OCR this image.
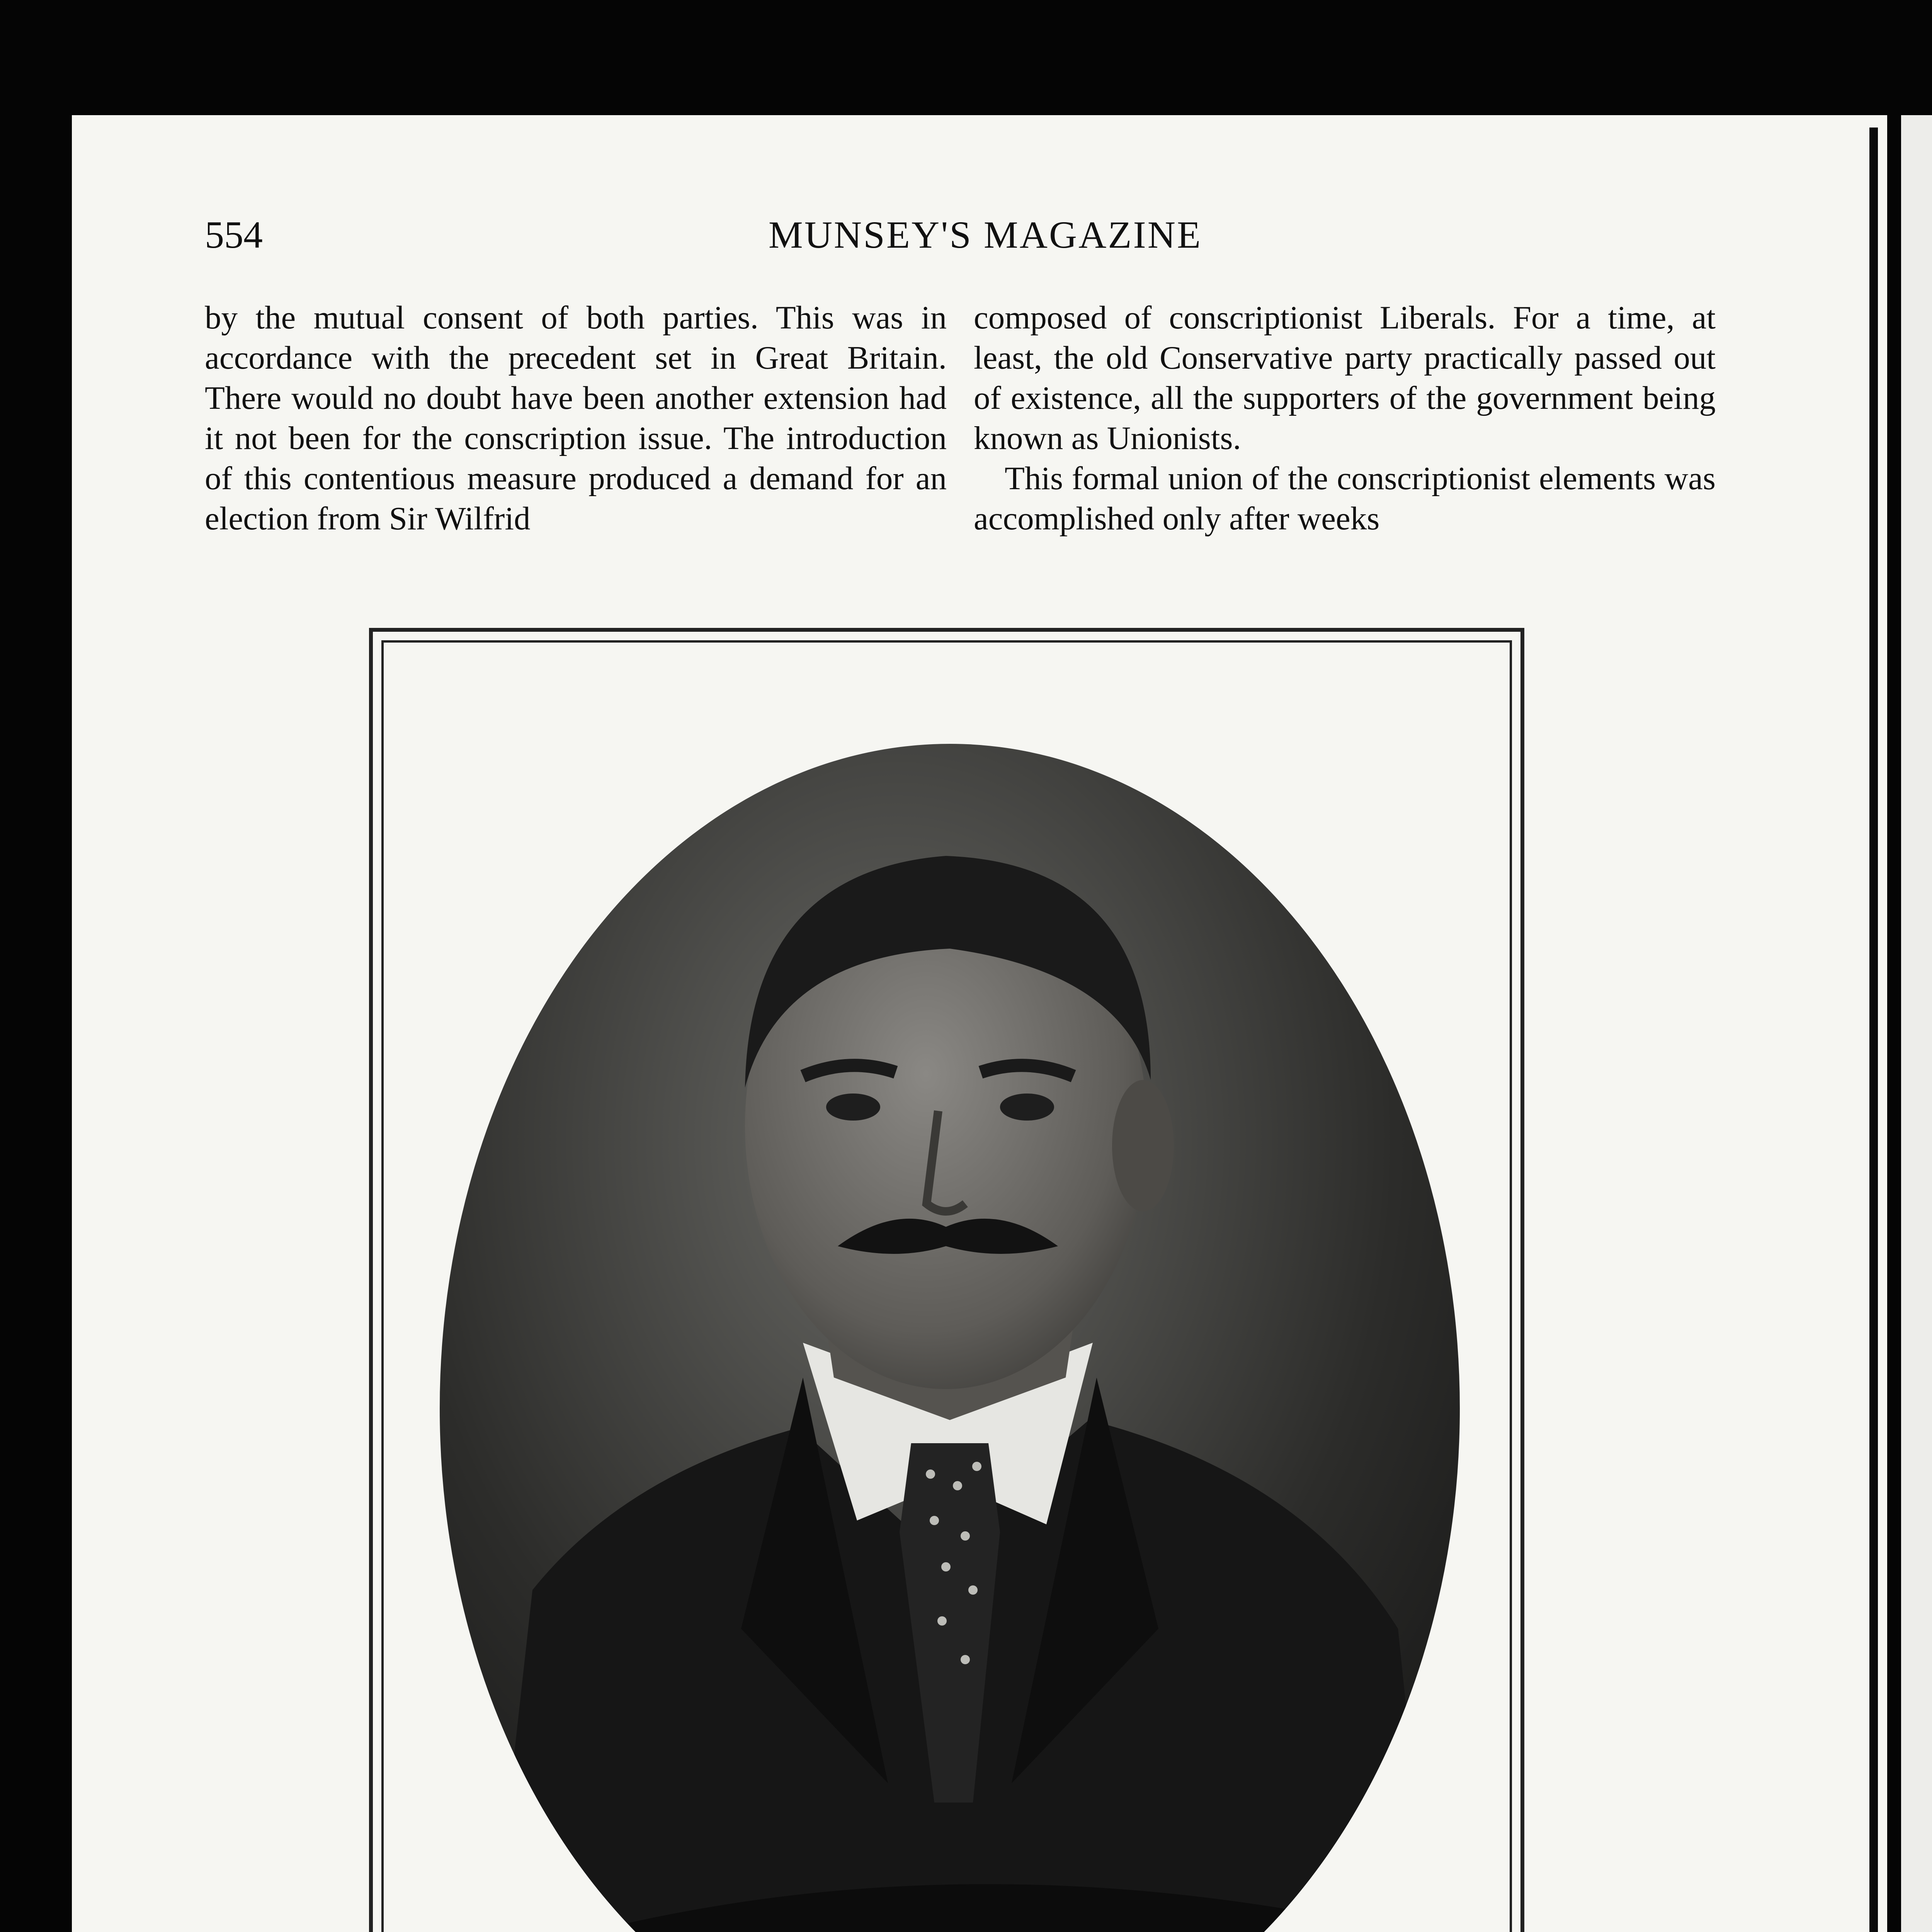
554	MUNSEY'S MAGAZINE

by the mutual consent of both parties. This was in accordance with the precedent set in Great Britain. There would no doubt have been another extension had it not been for the conscription issue. The introduction of this contentious measure produced a demand for an election from Sir Wilfrid

composed of conscriptionist Liberals. For a time, at least, the old Conservative party practically passed out of existence, all the supporters of the government being known as Unionists.

This formal union of the conscriptionist elements was accomplished only after weeks
